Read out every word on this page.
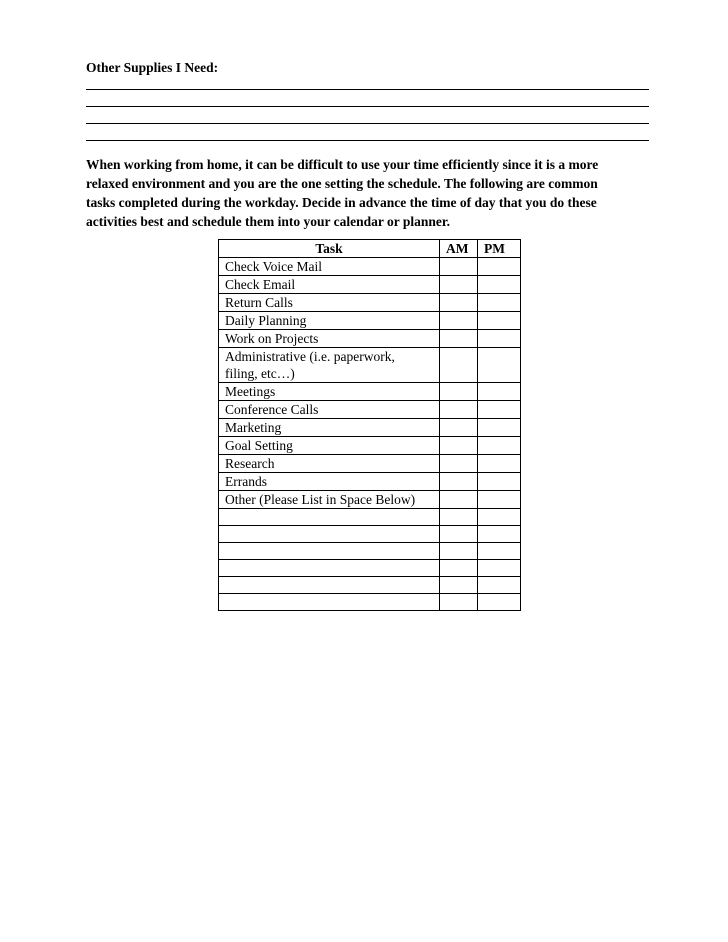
Other Supplies I Need:

When working from home, it can be difficult to use your time efficiently since it is a more
relaxed environment and you are the one setting the schedule. The following are common
tasks completed during the workday. Decide in advance the time of day that you do these
activities best and schedule them into your calendar or planner.

Task	AM	PM
Check Voice Mail		
Check Email		
Return Calls		
Daily Planning		
Work on Projects		
Administrative (i.e. paperwork,
filing, etc…)		
Meetings		
Conference Calls		
Marketing		
Goal Setting		
Research		
Errands		
Other (Please List in Space Below)		
